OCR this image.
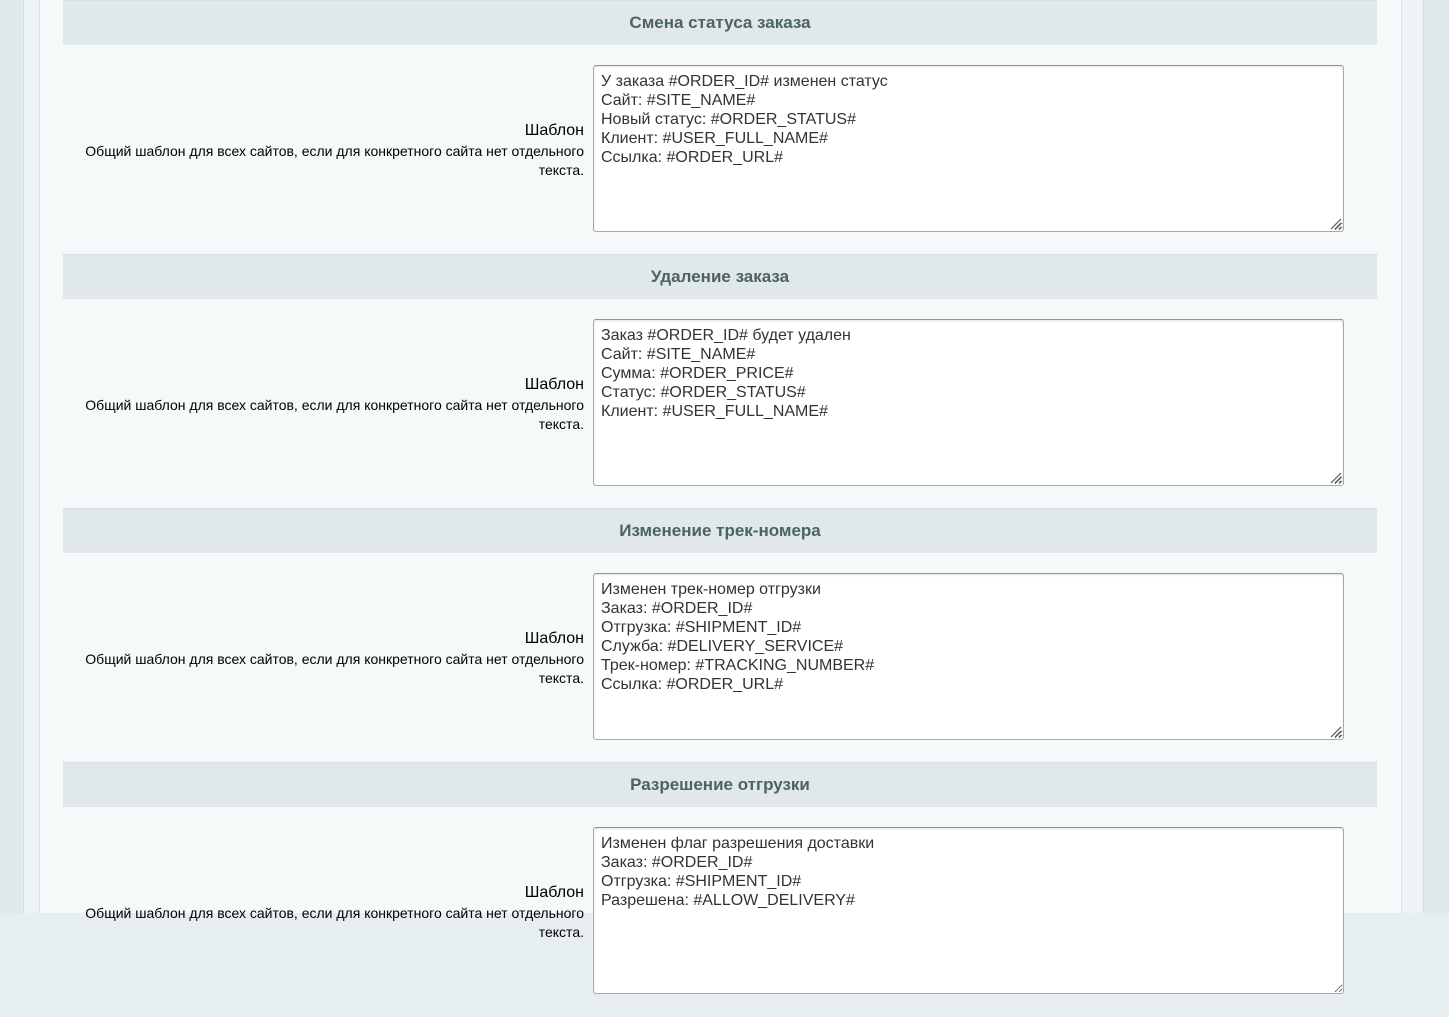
Смена статуса заказа
Шаблон
Общий шаблон для всех сайтов, если для конкретного сайта нет отдельного текста.
У заказа #ORDER_ID# изменен статус Сайт: #SITE_NAME# Новый статус: #ORDER_STATUS# Клиент: #USER_FULL_NAME# Ссылка: #ORDER_URL#
Удаление заказа
Шаблон
Общий шаблон для всех сайтов, если для конкретного сайта нет отдельного текста.
Заказ #ORDER_ID# будет удален Сайт: #SITE_NAME# Сумма: #ORDER_PRICE# Статус: #ORDER_STATUS# Клиент: #USER_FULL_NAME#
Изменение трек-номера
Шаблон
Общий шаблон для всех сайтов, если для конкретного сайта нет отдельного текста.
Изменен трек-номер отгрузки Заказ: #ORDER_ID# Отгрузка: #SHIPMENT_ID# Служба: #DELIVERY_SERVICE# Трек-номер: #TRACKING_NUMBER# Ссылка: #ORDER_URL#
Разрешение отгрузки
Шаблон
Общий шаблон для всех сайтов, если для конкретного сайта нет отдельного текста.
Изменен флаг разрешения доставки Заказ: #ORDER_ID# Отгрузка: #SHIPMENT_ID# Разрешена: #ALLOW_DELIVERY#
